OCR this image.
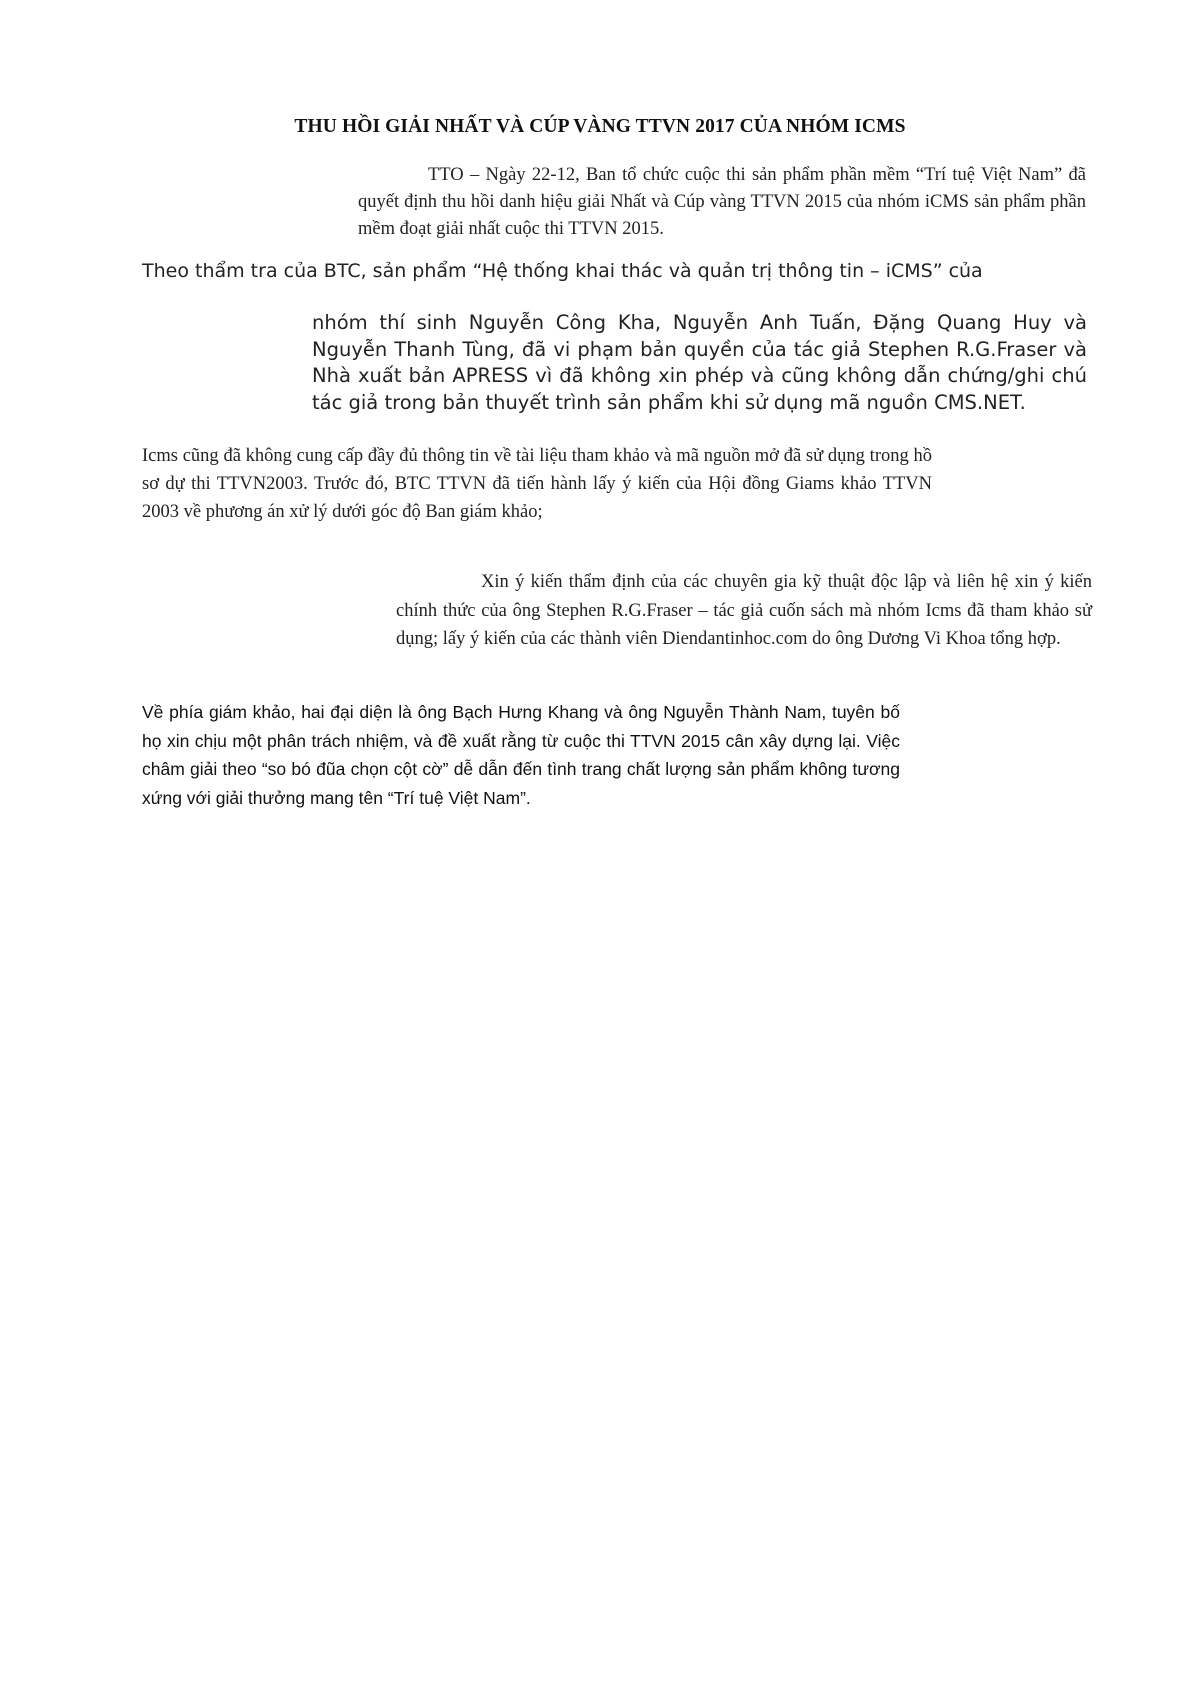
THU HỒI GIẢI NHẤT VÀ CÚP VÀNG TTVN 2017 CỦA NHÓM ICMS

TTO – Ngày 22-12, Ban tổ chức cuộc thi sản phẩm phần mềm “Trí tuệ Việt Nam” đã quyết định thu hồi danh hiệu giải Nhất và Cúp vàng TTVN 2015 của nhóm iCMS sản phẩm phần mềm đoạt giải nhất cuộc thi TTVN 2015.

Theo thẩm tra của BTC, sản phẩm “Hệ thống khai thác và quản trị thông tin – iCMS” của

nhóm thí sinh Nguyễn Công Kha, Nguyễn Anh Tuấn, Đặng Quang Huy và Nguyễn Thanh Tùng, đã vi phạm bản quyền của tác giả Stephen R.G.Fraser và Nhà xuất bản APRESS vì đã không xin phép và cũng không dẫn chứng/ghi chú tác giả trong bản thuyết trình sản phẩm khi sử dụng mã nguồn CMS.NET.

Icms cũng đã không cung cấp đầy đủ thông tin về tài liệu tham khảo và mã nguồn mở đã sử dụng trong hồ sơ dự thi TTVN2003. Trước đó, BTC TTVN đã tiến hành lấy ý kiến của Hội đồng Giams khảo TTVN 2003 về phương án xử lý dưới góc độ Ban giám khảo;

Xin ý kiến thẩm định của các chuyên gia kỹ thuật độc lập và liên hệ xin ý kiến chính thức của ông Stephen R.G.Fraser – tác giả cuốn sách mà nhóm Icms đã tham khảo sử dụng; lấy ý kiến của các thành viên Diendantinhoc.com do ông Dương Vi Khoa tổng hợp.

Về phía giám khảo, hai đại diện là ông Bạch Hưng Khang và ông Nguyễn Thành Nam, tuyên bố họ xin chịu một phân trách nhiệm, và đề xuất rằng từ cuộc thi TTVN 2015 cân xây dựng lại. Việc châm giải theo “so bó đũa chọn cột cờ” dễ dẫn đến tình trang chất lượng sản phẩm không tương xứng với giải thưởng mang tên “Trí tuệ Việt Nam”.
